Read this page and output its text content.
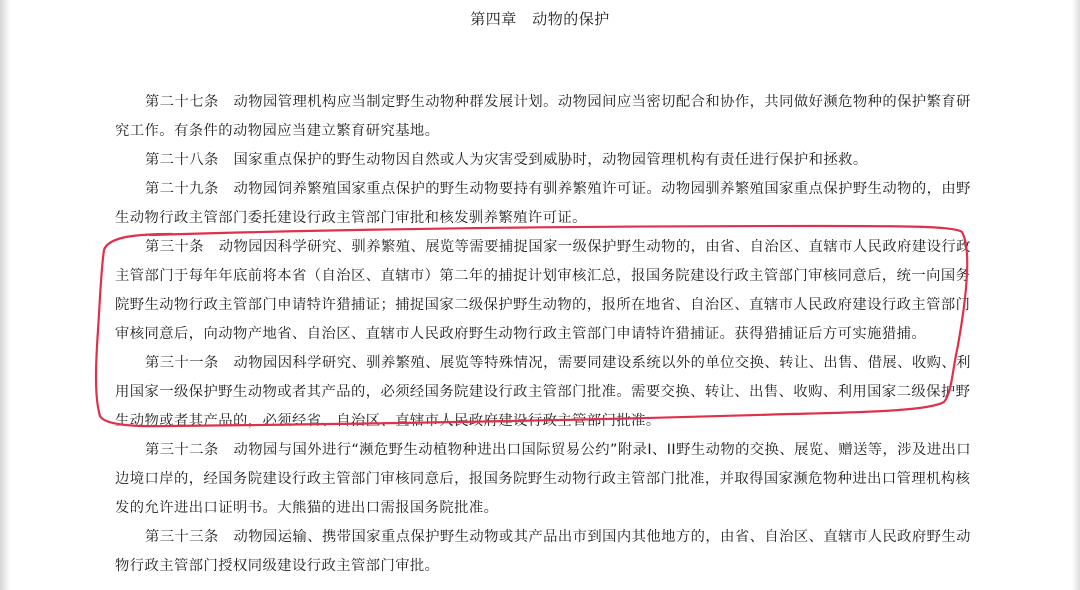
第四章　动物的保护

第二十七条　动物园管理机构应当制定野生动物种群发展计划。动物园间应当密切配合和协作，共同做好濒危物种的保护繁育研
究工作。有条件的动物园应当建立繁育研究基地。

第二十八条　国家重点保护的野生动物因自然或人为灾害受到威胁时，动物园管理机构有责任进行保护和拯救。

第二十九条　动物园饲养繁殖国家重点保护的野生动物要持有驯养繁殖许可证。动物园驯养繁殖国家重点保护野生动物的，由野
生动物行政主管部门委托建设行政主管部门审批和核发驯养繁殖许可证。

第三十条　动物园因科学研究、驯养繁殖、展览等需要捕捉国家一级保护野生动物的，由省、自治区、直辖市人民政府建设行政
主管部门于每年年底前将本省（自治区、直辖市）第二年的捕捉计划审核汇总，报国务院建设行政主管部门审核同意后，统一向国务
院野生动物行政主管部门申请特许猎捕证；捕捉国家二级保护野生动物的，报所在地省、自治区、直辖市人民政府建设行政主管部门
审核同意后，向动物产地省、自治区、直辖市人民政府野生动物行政主管部门申请特许猎捕证。获得猎捕证后方可实施猎捕。

第三十一条　动物园因科学研究、驯养繁殖、展览等特殊情况，需要同建设系统以外的单位交换、转让、出售、借展、收购、利
用国家一级保护野生动物或者其产品的，必须经国务院建设行政主管部门批准。需要交换、转让、出售、收购、利用国家二级保护野
生动物或者其产品的，必须经省、自治区、直辖市人民政府建设行政主管部门批准。

第三十二条　动物园与国外进行“濒危野生动植物种进出口国际贸易公约”附录I、II野生动物的交换、展览、赠送等，涉及进出口
边境口岸的，经国务院建设行政主管部门审核同意后，报国务院野生动物行政主管部门批准，并取得国家濒危物种进出口管理机构核
发的允许进出口证明书。大熊猫的进出口需报国务院批准。

第三十三条　动物园运输、携带国家重点保护野生动物或其产品出市到国内其他地方的，由省、自治区、直辖市人民政府野生动
物行政主管部门授权同级建设行政主管部门审批。
